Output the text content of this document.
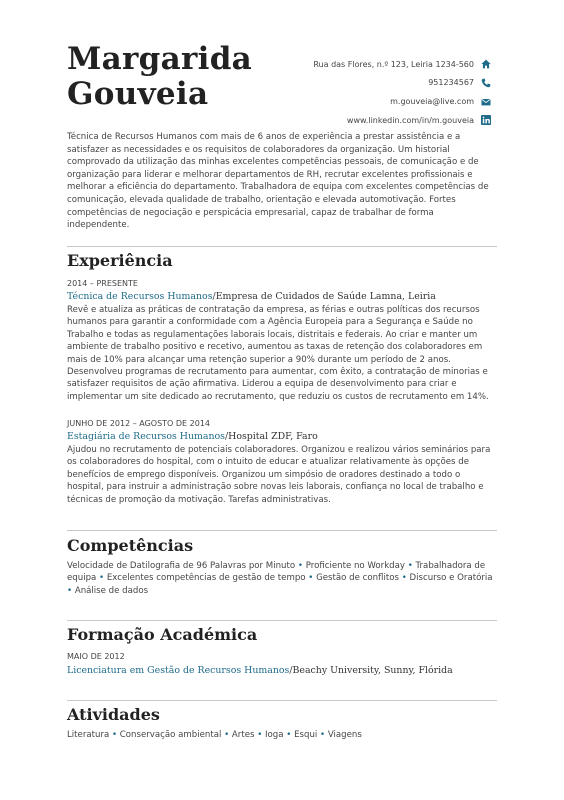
Margarida
Gouveia
Rua das Flores, n.º 123, Leiria 1234-560
951234567
m.gouveia@live.com
www.linkedin.com/in/m.gouveia

Técnica de Recursos Humanos com mais de 6 anos de experiência a prestar assistência e a satisfazer as necessidades e os requisitos de colaboradores da organização. Um historial comprovado da utilização das minhas excelentes competências pessoais, de comunicação e de organização para liderar e melhorar departamentos de RH, recrutar excelentes profissionais e melhorar a eficiência do departamento. Trabalhadora de equipa com excelentes competências de comunicação, elevada qualidade de trabalho, orientação e elevada automotivação. Fortes competências de negociação e perspicácia empresarial, capaz de trabalhar de forma independente.

Experiência
2014 – PRESENTE
Técnica de Recursos Humanos/Empresa de Cuidados de Saúde Lamna, Leiria

Revê e atualiza as práticas de contratação da empresa, as férias e outras políticas dos recursos humanos para garantir a conformidade com a Agência Europeia para a Segurança e Saúde no Trabalho e todas as regulamentações laborais locais, distritais e federais. Ao criar e manter um ambiente de trabalho positivo e recetivo, aumentou as taxas de retenção dos colaboradores em mais de 10% para alcançar uma retenção superior a 90% durante um período de 2 anos. Desenvolveu programas de recrutamento para aumentar, com êxito, a contratação de minorias e satisfazer requisitos de ação afirmativa. Liderou a equipa de desenvolvimento para criar e implementar um site dedicado ao recrutamento, que reduziu os custos de recrutamento em 14%.

JUNHO DE 2012 – AGOSTO DE 2014
Estagiária de Recursos Humanos/Hospital ZDF, Faro

Ajudou no recrutamento de potenciais colaboradores. Organizou e realizou vários seminários para os colaboradores do hospital, com o intuito de educar e atualizar relativamente às opções de benefícios de emprego disponíveis. Organizou um simpósio de oradores destinado a todo o hospital, para instruir a administração sobre novas leis laborais, confiança no local de trabalho e técnicas de promoção da motivação. Tarefas administrativas.

Competências

Velocidade de Datilografia de 96 Palavras por Minuto • Proficiente no Workday • Trabalhadora de equipa • Excelentes competências de gestão de tempo • Gestão de conflitos • Discurso e Oratória • Análise de dados

Formação Académica
MAIO DE 2012
Licenciatura em Gestão de Recursos Humanos/Beachy University, Sunny, Flórida
Atividades

Literatura • Conservação ambiental • Artes • Ioga • Esqui • Viagens
